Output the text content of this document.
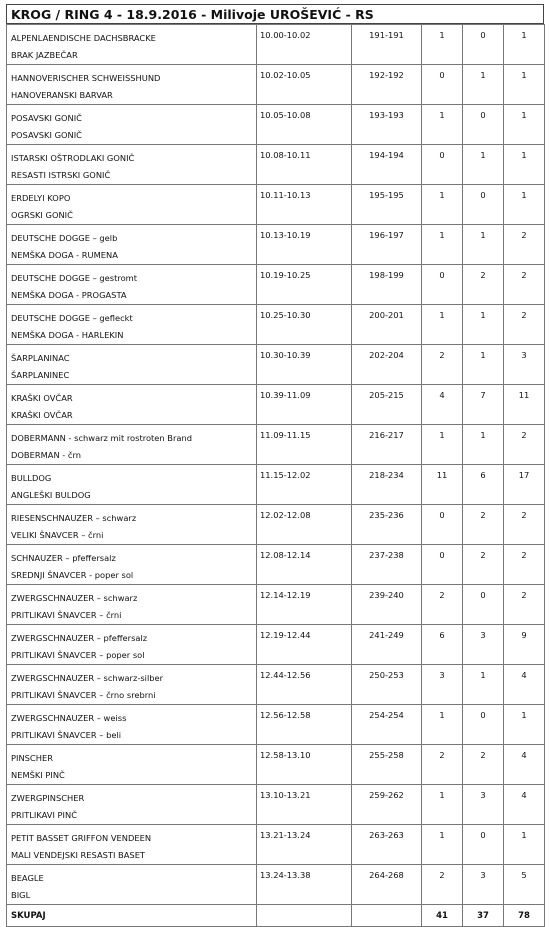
KROG / RING 4 - 18.9.2016 - Milivoje UROŠEVIĆ - RS
ALPENLAENDISCHE DACHSBRACKE
BRAK JAZBEČAR	10.00-10.02	191-191	1	0	1

HANNOVERISCHER SCHWEISSHUND
HANOVERANSKI BARVAR	10.02-10.05	192-192	0	1	1

POSAVSKI GONIČ
POSAVSKI GONIČ	10.05-10.08	193-193	1	0	1

ISTARSKI OŠTRODLAKI GONIČ
RESASTI ISTRSKI GONIČ	10.08-10.11	194-194	0	1	1

ERDELYI KOPO
OGRSKI GONIČ	10.11-10.13	195-195	1	0	1

DEUTSCHE DOGGE – gelb
NEMŠKA DOGA - RUMENA	10.13-10.19	196-197	1	1	2

DEUTSCHE DOGGE – gestromt
NEMŠKA DOGA - PROGASTA	10.19-10.25	198-199	0	2	2

DEUTSCHE DOGGE – gefleckt
NEMŠKA DOGA - HARLEKIN	10.25-10.30	200-201	1	1	2

ŠARPLANINAC
ŠARPLANINEC	10.30-10.39	202-204	2	1	3

KRAŠKI OVČAR
KRAŠKI OVČAR	10.39-11.09	205-215	4	7	11

DOBERMANN - schwarz mit rostroten Brand
DOBERMAN - črn	11.09-11.15	216-217	1	1	2

BULLDOG
ANGLEŠKI BULDOG	11.15-12.02	218-234	11	6	17

RIESENSCHNAUZER – schwarz
VELIKI ŠNAVCER – črni	12.02-12.08	235-236	0	2	2

SCHNAUZER – pfeffersalz
SREDNJI ŠNAVCER - poper sol	12.08-12.14	237-238	0	2	2

ZWERGSCHNAUZER – schwarz
PRITLIKAVI ŠNAVCER – črni	12.14-12.19	239-240	2	0	2

ZWERGSCHNAUZER – pfeffersalz
PRITLIKAVI ŠNAVCER – poper sol	12.19-12.44	241-249	6	3	9

ZWERGSCHNAUZER – schwarz-silber
PRITLIKAVI ŠNAVCER – črno srebrni	12.44-12.56	250-253	3	1	4

ZWERGSCHNAUZER – weiss
PRITLIKAVI ŠNAVCER – beli	12.56-12.58	254-254	1	0	1

PINSCHER
NEMŠKI PINČ	12.58-13.10	255-258	2	2	4

ZWERGPINSCHER
PRITLIKAVI PINČ	13.10-13.21	259-262	1	3	4

PETIT BASSET GRIFFON VENDEEN
MALI VENDEJSKI RESASTI BASET	13.21-13.24	263-263	1	0	1

BEAGLE
BIGL	13.24-13.38	264-268	2	3	5
SKUPAJ			41	37	78
